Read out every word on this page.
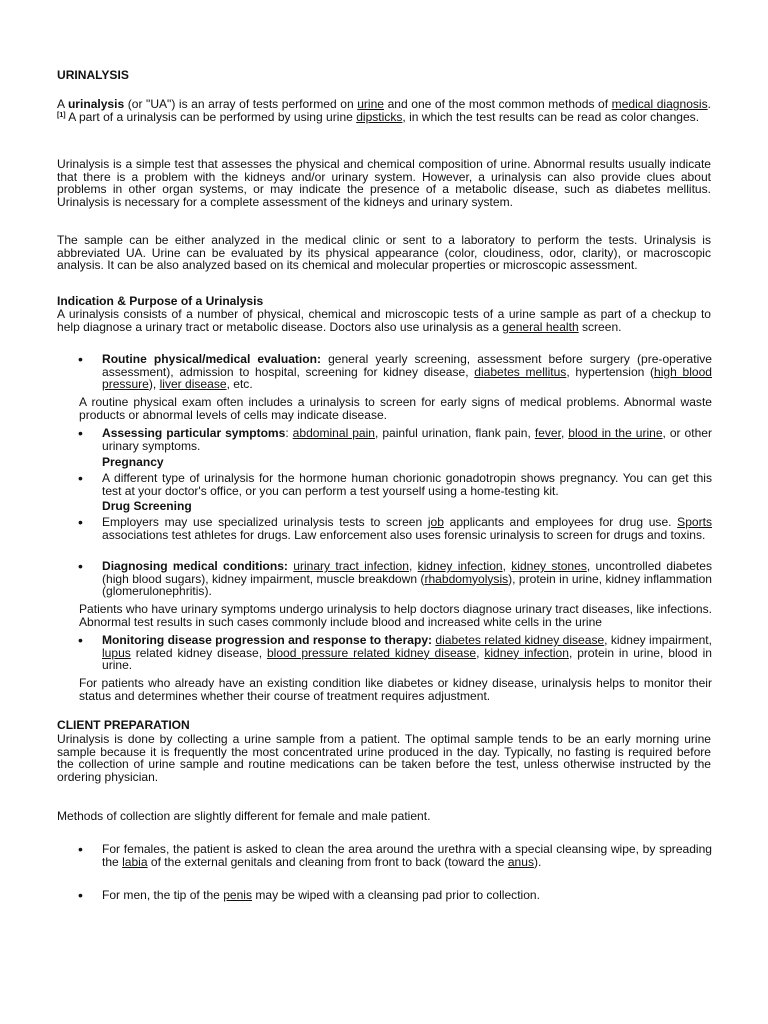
URINALYSIS

A urinalysis (or "UA") is an array of tests performed on urine and one of the most common methods of medical diagnosis.[1] A part of a urinalysis can be performed by using urine dipsticks, in which the test results can be read as color changes.

Urinalysis is a simple test that assesses the physical and chemical composition of urine. Abnormal results usually indicate that there is a problem with the kidneys and/or urinary system. However, a urinalysis can also provide clues about problems in other organ systems, or may indicate the presence of a metabolic disease, such as diabetes mellitus. Urinalysis is necessary for a complete assessment of the kidneys and urinary system.

The sample can be either analyzed in the medical clinic or sent to a laboratory to perform the tests. Urinalysis is abbreviated UA. Urine can be evaluated by its physical appearance (color, cloudiness, odor, clarity), or macroscopic analysis. It can be also analyzed based on its chemical and molecular properties or microscopic assessment.

Indication & Purpose of a Urinalysis

A urinalysis consists of a number of physical, chemical and microscopic tests of a urine sample as part of a checkup to help diagnose a urinary tract or metabolic disease. Doctors also use urinalysis as a general health screen.

•	Routine physical/medical evaluation: general yearly screening, assessment before surgery (pre-operative assessment), admission to hospital, screening for kidney disease, diabetes mellitus, hypertension (high blood pressure), liver disease, etc.

A routine physical exam often includes a urinalysis to screen for early signs of medical problems. Abnormal waste products or abnormal levels of cells may indicate disease.

•	Assessing particular symptoms: abdominal pain, painful urination, flank pain, fever, blood in the urine, or other urinary symptoms.

Pregnancy

•	A different type of urinalysis for the hormone human chorionic gonadotropin shows pregnancy. You can get this test at your doctor's office, or you can perform a test yourself using a home-testing kit.

Drug Screening

•	Employers may use specialized urinalysis tests to screen job applicants and employees for drug use. Sports associations test athletes for drugs. Law enforcement also uses forensic urinalysis to screen for drugs and toxins.

•	Diagnosing medical conditions: urinary tract infection, kidney infection, kidney stones, uncontrolled diabetes (high blood sugars), kidney impairment, muscle breakdown (rhabdomyolysis), protein in urine, kidney inflammation (glomerulonephritis).

Patients who have urinary symptoms undergo urinalysis to help doctors diagnose urinary tract diseases, like infections. Abnormal test results in such cases commonly include blood and increased white cells in the urine

•	Monitoring disease progression and response to therapy: diabetes related kidney disease, kidney impairment, lupus related kidney disease, blood pressure related kidney disease, kidney infection, protein in urine, blood in urine.

For patients who already have an existing condition like diabetes or kidney disease, urinalysis helps to monitor their status and determines whether their course of treatment requires adjustment.

CLIENT PREPARATION

Urinalysis is done by collecting a urine sample from a patient. The optimal sample tends to be an early morning urine sample because it is frequently the most concentrated urine produced in the day. Typically, no fasting is required before the collection of urine sample and routine medications can be taken before the test, unless otherwise instructed by the ordering physician.

Methods of collection are slightly different for female and male patient.

•	For females, the patient is asked to clean the area around the urethra with a special cleansing wipe, by spreading the labia of the external genitals and cleaning from front to back (toward the anus).

•	For men, the tip of the penis may be wiped with a cleansing pad prior to collection.
